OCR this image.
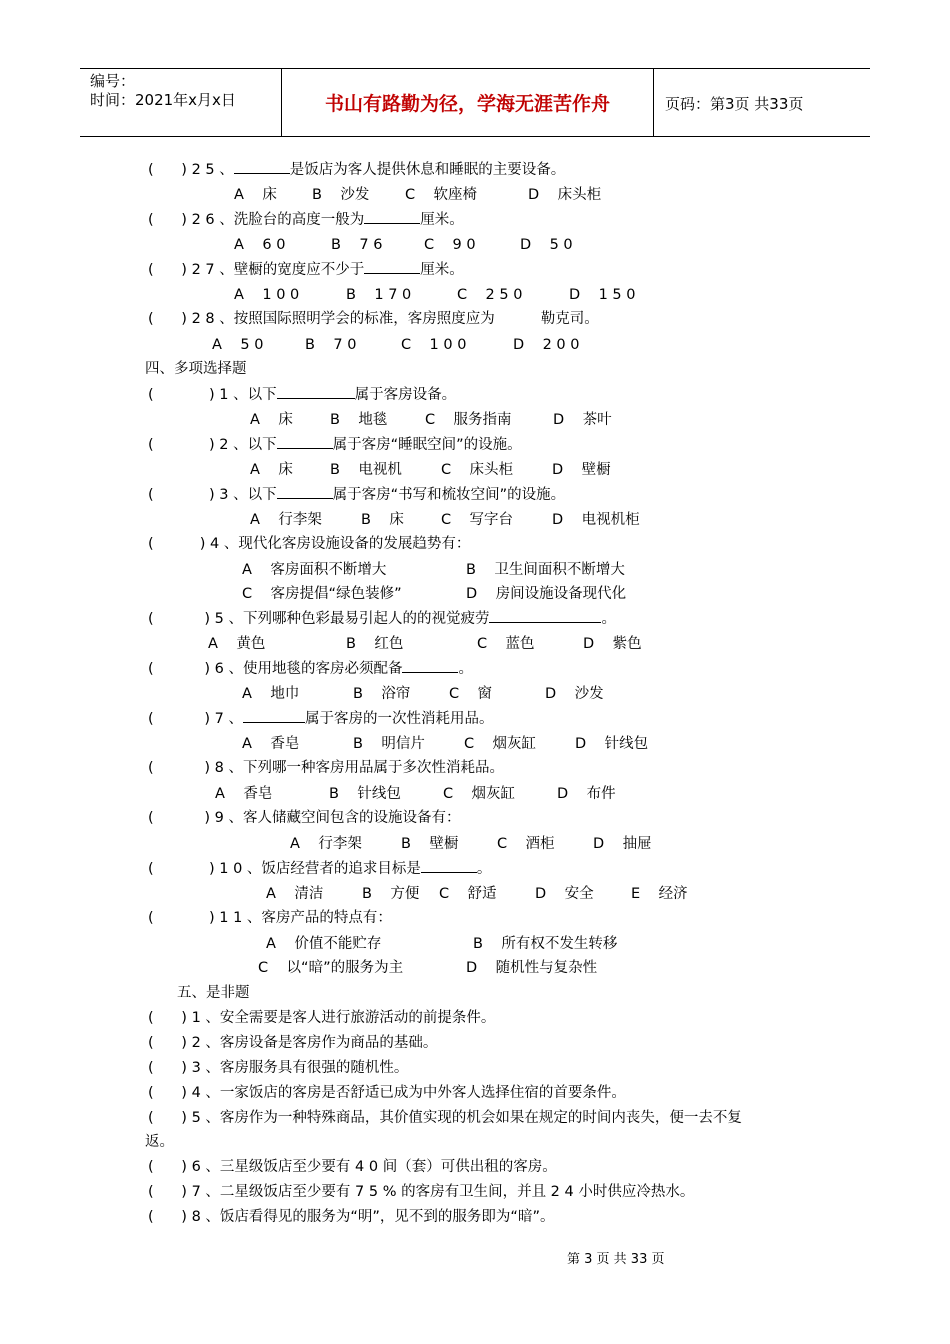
编号：
时间：2021年x月x日	书山有路勤为径，学海无涯苦作舟	页码：第3页 共33页
(      ) 2 5 、	是饭店为客人提供休息和睡眠的主要设备。
A    床 B    沙发 C    软座椅	D    床头柜
(      ) 2 6 、洗脸台的高度一般为	厘米。
A    6 0	B    7 6	C    9 0	D    5 0
(      ) 2 7 、壁橱的宽度应不少于	厘米。
A    1 0 0	B    1 7 0	C    2 5 0	D    1 5 0
(      ) 2 8 、按照国际照明学会的标准，客房照度应为	勒克司。
A    5 0	B    7 0	C    1 0 0	D    2 0 0
四、多项选择题
(            ) 1 、以下	属于客房设备。
A    床	B    地毯	C    服务指南	D    茶叶
(            ) 2 、以下	属于客房“睡眠空间”的设施。
A    床	B    电视机	C    床头柜	D    壁橱
(            ) 3 、以下	属于客房“书写和梳妆空间”的设施。
A    行李架	B    床	C    写字台	D    电视机柜
(          ) 4 、现代化客房设施设备的发展趋势有：
A    客房面积不断增大	B    卫生间面积不断增大
C    客房提倡“绿色装修”	D    房间设施设备现代化
(           ) 5 、下列哪种色彩最易引起人的的视觉疲劳	。
A    黄色	B    红色	C    蓝色	D    紫色
(           ) 6 、使用地毯的客房必须配备	。
A    地巾	B    浴帘	C    窗	D    沙发
(           ) 7 、	属于客房的一次性消耗用品。
A    香皂	B    明信片	C    烟灰缸	D    针线包
(           ) 8 、下列哪一种客房用品属于多次性消耗品。
A    香皂	B    针线包	C    烟灰缸	D    布件
(           ) 9 、客人储藏空间包含的设施设备有：
A    行李架	B    壁橱	C    酒柜	D    抽屉
(            ) 1 0 、饭店经营者的追求目标是	。
A    清洁	B    方便 C    舒适	D    安全	E    经济
(            ) 1 1 、客房产品的特点有：
A    价值不能贮存	B    所有权不发生转移
C    以“暗”的服务为主	D    随机性与复杂性
五、是非题
(      ) 1 、安全需要是客人进行旅游活动的前提条件。
(      ) 2 、客房设备是客房作为商品的基础。
(      ) 3 、客房服务具有很强的随机性。
(      ) 4 、一家饭店的客房是否舒适已成为中外客人选择住宿的首要条件。
(      ) 5 、客房作为一种特殊商品，其价值实现的机会如果在规定的时间内丧失，便一去不复
返。
(      ) 6 、三星级饭店至少要有 4 0 间（套）可供出租的客房。
(      ) 7 、二星级饭店至少要有 7 5 % 的客房有卫生间，并且 2 4 小时供应冷热水。
(      ) 8 、饭店看得见的服务为“明”，见不到的服务即为“暗”。
第 3 页 共 33 页
